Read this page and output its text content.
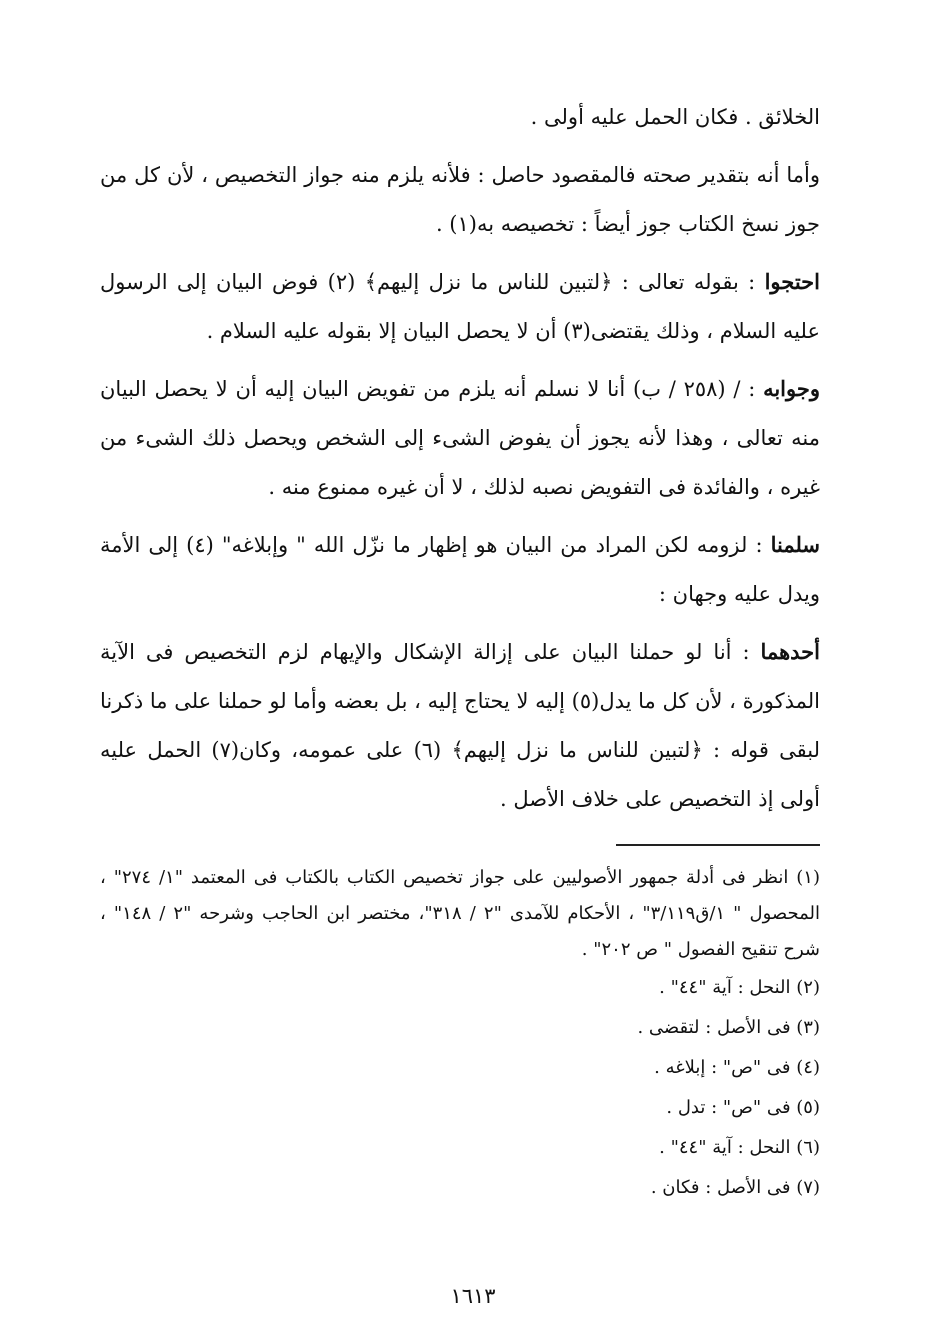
الخلائق . فكان الحمل عليه أولى .

وأما أنه بتقدير صحته فالمقصود حاصل : فلأنه يلزم منه جواز التخصيص ، لأن كل من جوز نسخ الكتاب جوز أيضاً : تخصيصه به(١) .

احتجوا : بقوله تعالى : ﴿لتبين للناس ما نزل إليهم﴾ (٢) فوض البيان إلى الرسول عليه السلام ، وذلك يقتضى(٣) أن لا يحصل البيان إلا بقوله عليه السلام .

وجوابه : / (٢٥٨ / ب) أنا لا نسلم أنه يلزم من تفويض البيان إليه أن لا يحصل البيان منه تعالى ، وهذا لأنه يجوز أن يفوض الشىء إلى الشخص ويحصل ذلك الشىء من غيره ، والفائدة فى التفويض نصبه لذلك ، لا أن غيره ممنوع منه .

سلمنا : لزومه لكن المراد من البيان هو إظهار ما نزّل الله " وإبلاغه" (٤) إلى الأمة ويدل عليه وجهان :

أحدهما : أنا لو حملنا البيان على إزالة الإشكال والإيهام لزم التخصيص فى الآية المذكورة ، لأن كل ما يدل(٥) إليه لا يحتاج إليه ، بل بعضه وأما لو حملنا على ما ذكرنا لبقى قوله : ﴿لتبين للناس ما نزل إليهم﴾ (٦) على عمومه، وكان(٧) الحمل عليه أولى إذ التخصيص على خلاف الأصل .

(١) انظر فى أدلة جمهور الأصوليين على جواز تخصيص الكتاب بالكتاب فى المعتمد "١/ ٢٧٤" ، المحصول " ١/ق٣/١١٩" ، الأحكام للآمدى "٢ / ٣١٨"، مختصر ابن الحاجب وشرحه "٢ / ١٤٨" ، شرح تنقيح الفصول " ص ٢٠٢" .

(٢) النحل : آية "٤٤" .

(٣) فى الأصل : لتقضى .

(٤) فى "ص" : إبلاغه .

(٥) فى "ص" : تدل .

(٦) النحل : آية "٤٤" .

(٧) فى الأصل : فكان .

١٦١٣
